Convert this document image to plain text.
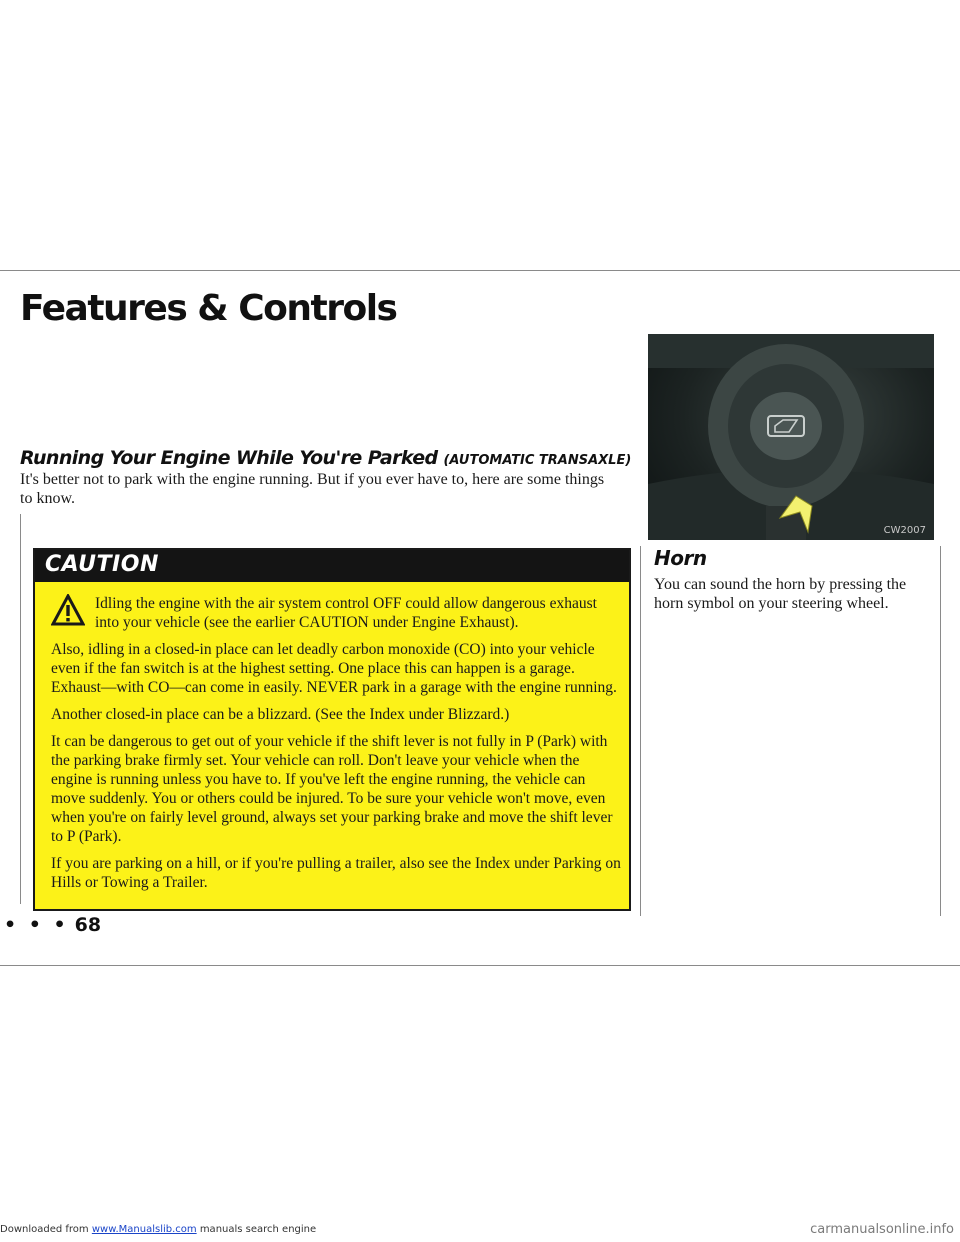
Features & Controls
Running Your Engine While You're Parked (AUTOMATIC TRANSAXLE)

It's better not to park with the engine running. But if you ever have to, here are some things to know.

CAUTION

Idling the engine with the air system control OFF could allow dangerous exhaust into your vehicle (see the earlier CAUTION under Engine Exhaust).

Also, idling in a closed-in place can let deadly carbon monoxide (CO) into your vehicle even if the fan switch is at the highest setting. One place this can happen is a garage. Exhaust—with CO—can come in easily. NEVER park in a garage with the engine running.

Another closed-in place can be a blizzard. (See the Index under Blizzard.)

It can be dangerous to get out of your vehicle if the shift lever is not fully in P (Park) with the parking brake firmly set. Your vehicle can roll. Don't leave your vehicle when the engine is running unless you have to. If you've left the engine running, the vehicle can move suddenly. You or others could be injured. To be sure your vehicle won't move, even when you're on fairly level ground, always set your parking brake and move the shift lever to P (Park).

If you are parking on a hill, or if you're pulling a trailer, also see the Index under Parking on Hills or Towing a Trailer.

CW2007
Horn

You can sound the horn by pressing the horn symbol on your steering wheel.

• • • 68
Downloaded from www.Manualslib.com manuals search engine	carmanualsonline.info
